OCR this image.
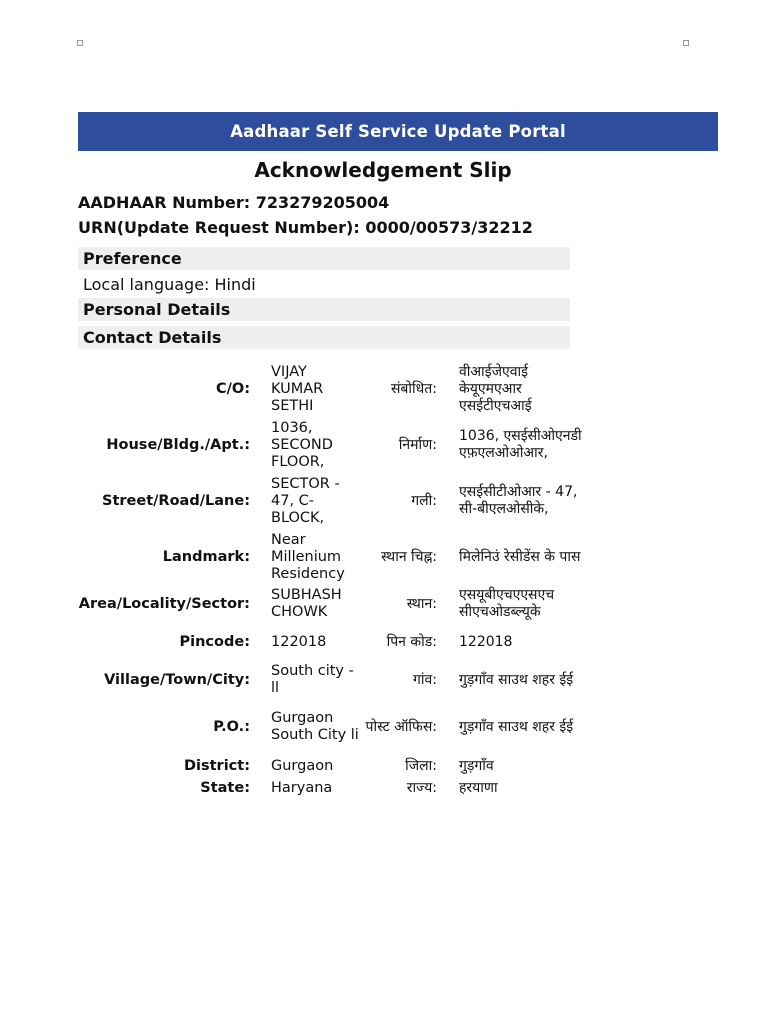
Aadhaar Self Service Update Portal
Acknowledgement Slip
AADHAAR Number: 723279205004
URN(Update Request Number): 0000/00573/32212
Preference
Local language: Hindi
Personal Details
Contact Details
C/O:	VIJAY KUMAR SETHI	संबोधित:	वीआईजेएवाई केयूएमएआर एसईटीएचआई
House/Bldg./Apt.:	1036, SECOND FLOOR,	निर्माण:	1036, एसईसीओएनडी एफ़एलओओआर,
Street/Road/Lane:	SECTOR - 47, C-BLOCK,	गली:	एसईसीटीओआर - 47, सी-बीएलओसीके,
Landmark:	Near Millenium Residency	स्थान चिह्न:	मिलेनिउं रेसीडेंस के पास
Area/Locality/Sector:	SUBHASH CHOWK	स्थान:	एसयूबीएचएएसएच सीएचओडब्ल्यूके
Pincode:	122018	पिन कोड:	122018
Village/Town/City:	South city - ll	गांव:	गुड़गाँव साउथ शहर ईई
P.O.:	Gurgaon South City li	पोस्ट ऑफिस:	गुड़गाँव साउथ शहर ईई
District:	Gurgaon	जिला:	गुड़गाँव
State:	Haryana	राज्य:	हरयाणा
